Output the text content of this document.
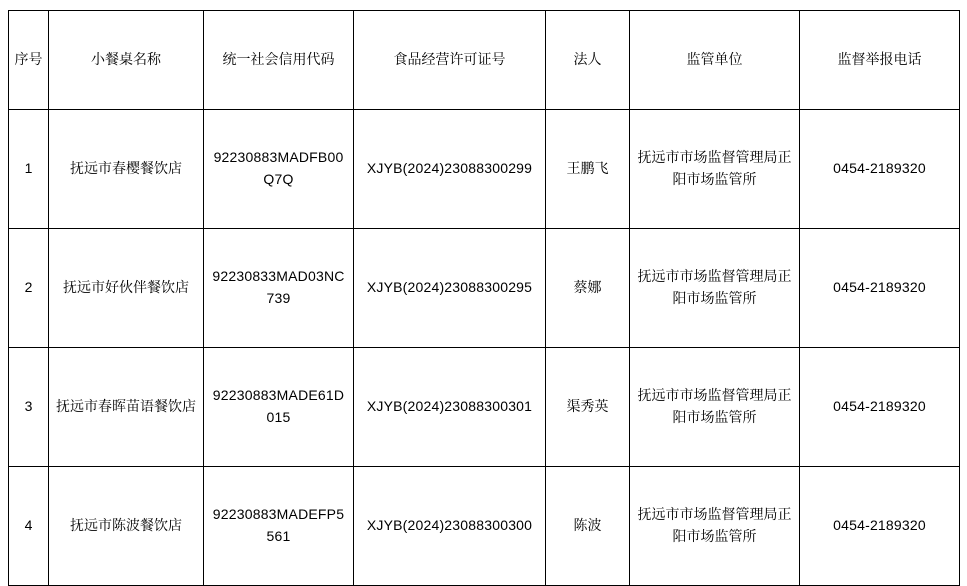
序号	小餐桌名称	统一社会信用代码	食品经营许可证号	法人	监管单位	监督举报电话
1	抚远市春樱餐饮店	92230883MADFB00Q7Q	XJYB(2024)23088300299	王鹏飞	抚远市市场监督管理局正阳市场监管所	0454-2189320
2	抚远市好伙伴餐饮店	92230833MAD03NC739	XJYB(2024)23088300295	蔡娜	抚远市市场监督管理局正阳市场监管所	0454-2189320
3	抚远市春晖苗语餐饮店	92230883MADE61D015	XJYB(2024)23088300301	渠秀英	抚远市市场监督管理局正阳市场监管所	0454-2189320
4	抚远市陈波餐饮店	92230883MADEFP5561	XJYB(2024)23088300300	陈波	抚远市市场监督管理局正阳市场监管所	0454-2189320
